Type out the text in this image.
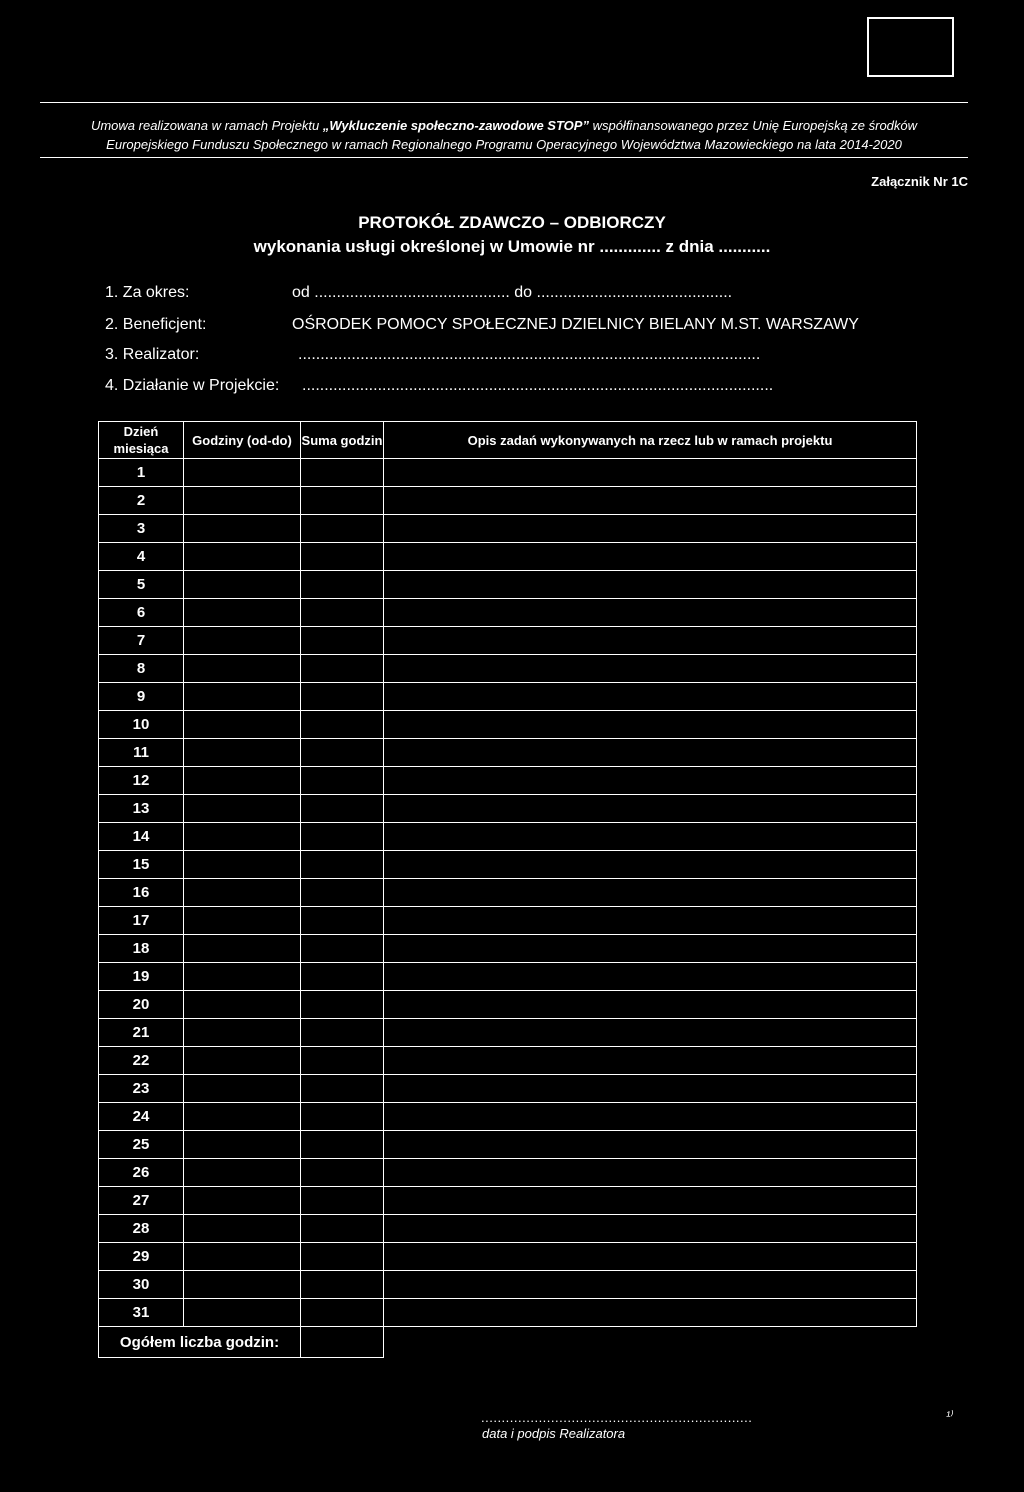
Umowa realizowana w ramach Projektu „Wykluczenie społeczno-zawodowe STOP” współfinansowanego przez Unię Europejską ze środków
Europejskiego Funduszu Społecznego w ramach Regionalnego Programu Operacyjnego Województwa Mazowieckiego na lata 2014-2020
Załącznik Nr 1C
PROTOKÓŁ ZDAWCZO – ODBIORCZY
wykonania usługi określonej w Umowie nr ............. z dnia ...........
1. Za okres:	od ............................................ do ............................................
2. Beneficjent:	OŚRODEK POMOCY SPOŁECZNEJ DZIELNICY BIELANY M.ST. WARSZAWY
3. Realizator:	........................................................................................................
4. Działanie w Projekcie: ..........................................................................................................
Dzień miesiąca	Godziny (od-do)	Suma godzin	Opis zadań wykonywanych na rzecz lub w ramach projektu
1			
2			
3			
4			
5			
6			
7			
8			
9			
10			
11			
12			
13			
14			
15			
16			
17			
18			
19			
20			
21			
22			
23			
24			
25			
26			
27			
28			
29			
30			
31			
Ogółem liczba godzin:			
..................................................................
data i podpis Realizatora
¹⁾
